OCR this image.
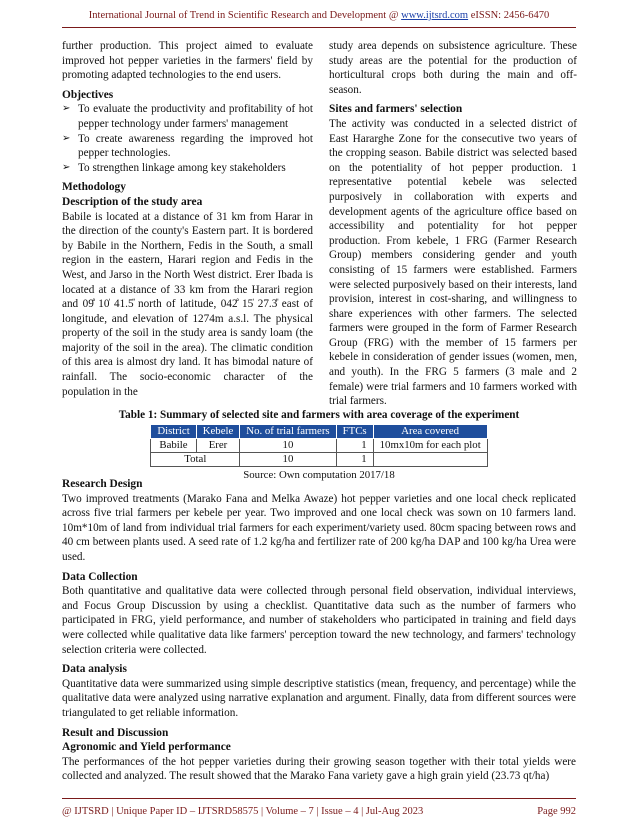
International Journal of Trend in Scientific Research and Development @ www.ijtsrd.com eISSN: 2456-6470

further production. This project aimed to evaluate improved hot pepper varieties in the farmers' field by promoting adapted technologies to the end users.

Objectives
➢ To evaluate the productivity and profitability of hot pepper technology under farmers' management
➢ To create awareness regarding the improved hot pepper technologies.
➢ To strengthen linkage among key stakeholders
Methodology
Description of the study area

Babile is located at a distance of 31 km from Harar in the direction of the county's Eastern part. It is bordered by Babile in the Northern, Fedis in the South, a small region in the eastern, Harari region and Fedis in the West, and Jarso in the North West district. Erer Ibada is located at a distance of 33 km from the Harari region and 09̊ 10̍ 41.5̎ north of latitude, 042̊ 15̍ 27.3̎ east of longitude, and elevation of 1274m a.s.l. The physical property of the soil in the study area is sandy loam (the majority of the soil in the area). The climatic condition of this area is almost dry land. It has bimodal nature of rainfall. The socio-economic character of the population in the

study area depends on subsistence agriculture. These study areas are the potential for the production of horticultural crops both during the main and off-season.

Sites and farmers' selection

The activity was conducted in a selected district of East Hararghe Zone for the consecutive two years of the cropping season. Babile district was selected based on the potentiality of hot pepper production. 1 representative potential kebele was selected purposively in collaboration with experts and development agents of the agriculture office based on accessibility and potentiality for hot pepper production. From kebele, 1 FRG (Farmer Research Group) members considering gender and youth consisting of 15 farmers were established. Farmers were selected purposively based on their interests, land provision, interest in cost-sharing, and willingness to share experiences with other farmers. The selected farmers were grouped in the form of Farmer Research Group (FRG) with the member of 15 farmers per kebele in consideration of gender issues (women, men, and youth). In the FRG 5 farmers (3 male and 2 female) were trial farmers and 10 farmers worked with trial farmers.

Table 1: Summary of selected site and farmers with area coverage of the experiment
District	Kebele	No. of trial farmers	FTCs	Area covered
Babile	Erer	10	1	10mx10m for each plot
Total		10	1	
Source: Own computation 2017/18
Research Design

Two improved treatments (Marako Fana and Melka Awaze) hot pepper varieties and one local check replicated across five trial farmers per kebele per year. Two improved and one local check was sown on 10 farmers land. 10m*10m of land from individual trial farmers for each experiment/variety used. 80cm spacing between rows and 40 cm between plants used. A seed rate of 1.2 kg/ha and fertilizer rate of 200 kg/ha DAP and 100 kg/ha Urea were used.

Data Collection

Both quantitative and qualitative data were collected through personal field observation, individual interviews, and Focus Group Discussion by using a checklist. Quantitative data such as the number of farmers who participated in FRG, yield performance, and number of stakeholders who participated in training and field days were collected while qualitative data like farmers' perception toward the new technology, and farmers' technology selection criteria were collected.

Data analysis

Quantitative data were summarized using simple descriptive statistics (mean, frequency, and percentage) while the qualitative data were analyzed using narrative explanation and argument. Finally, data from different sources were triangulated to get reliable information.

Result and Discussion
Agronomic and Yield performance

The performances of the hot pepper varieties during their growing season together with their total yields were collected and analyzed. The result showed that the Marako Fana variety gave a high grain yield (23.73 qt/ha)

@ IJTSRD | Unique Paper ID – IJTSRD58575 | Volume – 7 | Issue – 4 | Jul-Aug 2023	Page 992
